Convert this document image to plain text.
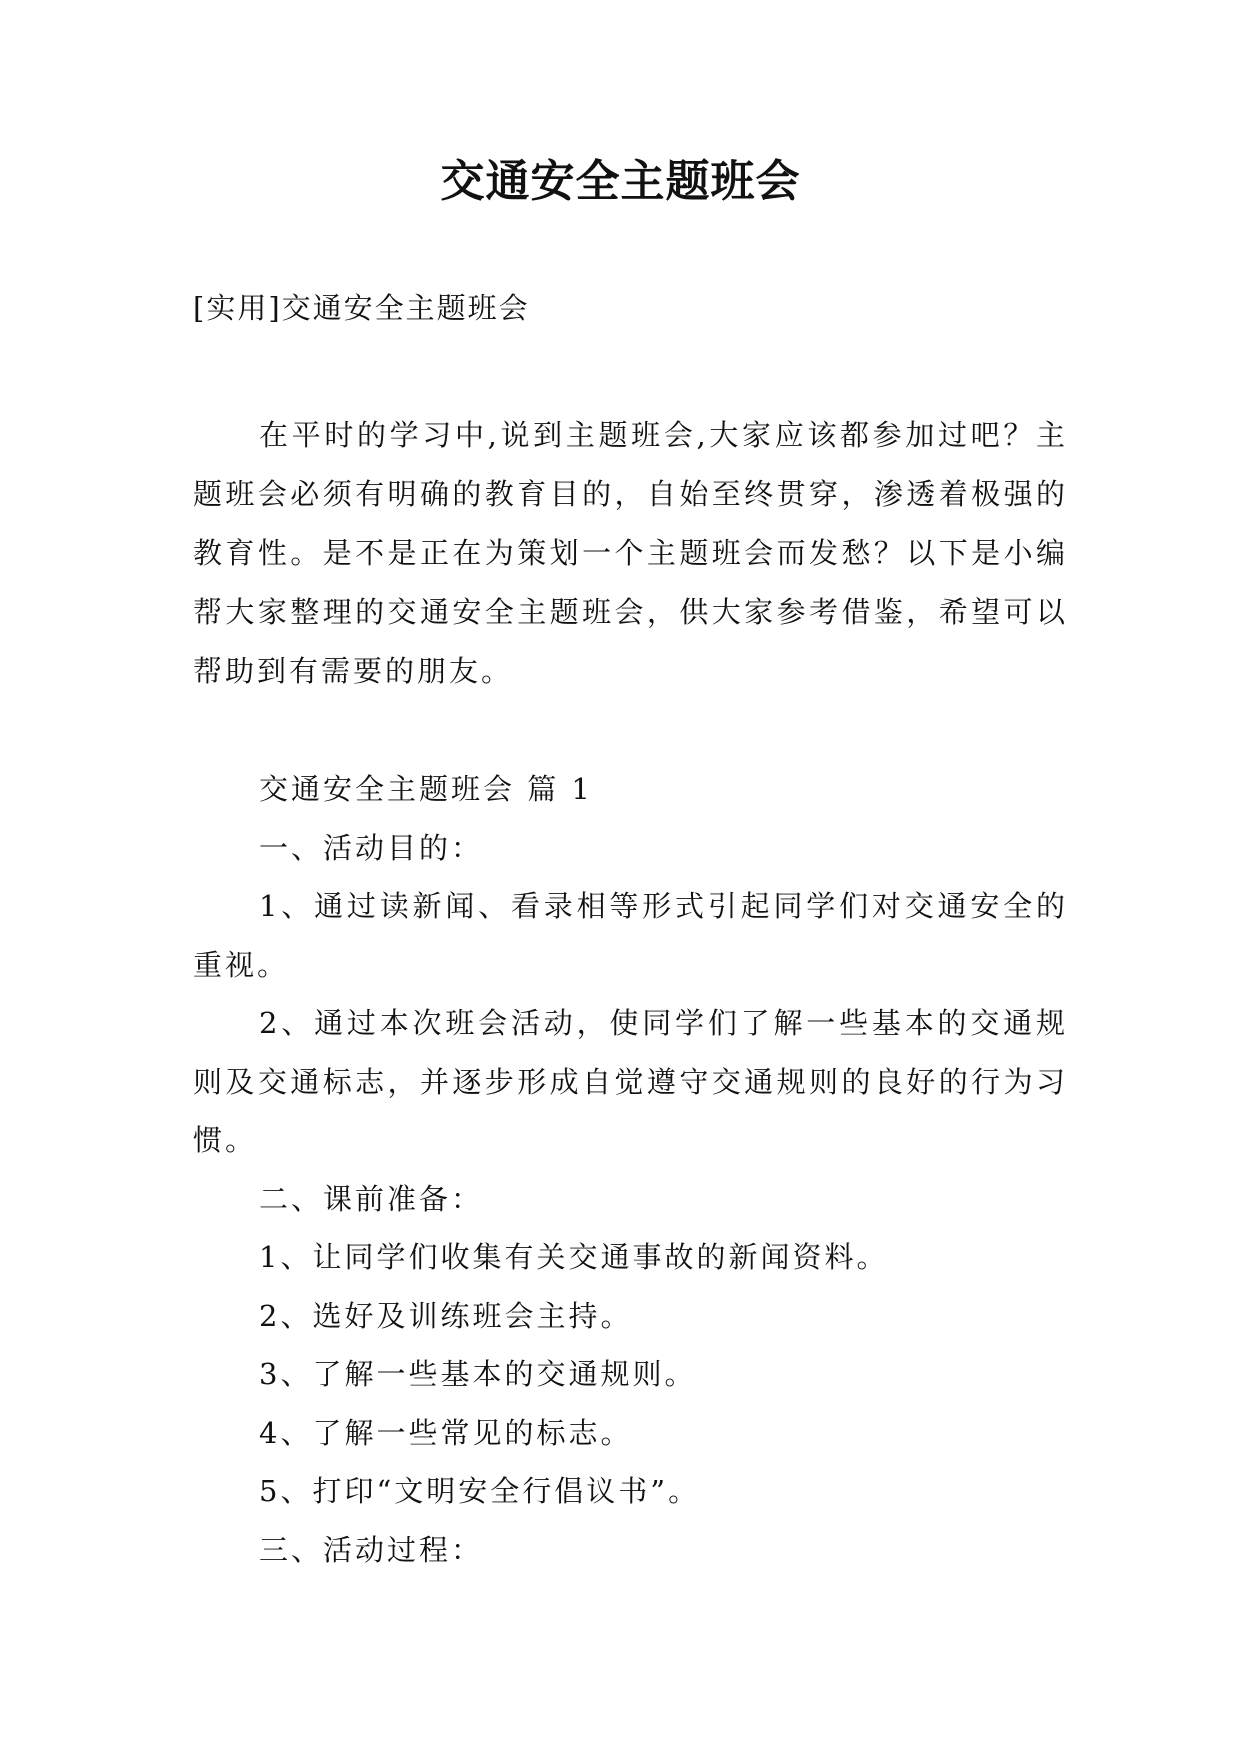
交通安全主题班会
[实用]交通安全主题班会

在平时的学习中,说到主题班会,大家应该都参加过吧？主题班会必须有明确的教育目的，自始至终贯穿，渗透着极强的教育性。是不是正在为策划一个主题班会而发愁？以下是小编帮大家整理的交通安全主题班会，供大家参考借鉴，希望可以帮助到有需要的朋友。

交通安全主题班会 篇 1

一、活动目的：

1、通过读新闻、看录相等形式引起同学们对交通安全的重视。

2、通过本次班会活动，使同学们了解一些基本的交通规则及交通标志，并逐步形成自觉遵守交通规则的良好的行为习惯。

二、课前准备：

1、让同学们收集有关交通事故的新闻资料。

2、选好及训练班会主持。

3、了解一些基本的交通规则。

4、了解一些常见的标志。

5、打印“文明安全行倡议书”。

三、活动过程：
